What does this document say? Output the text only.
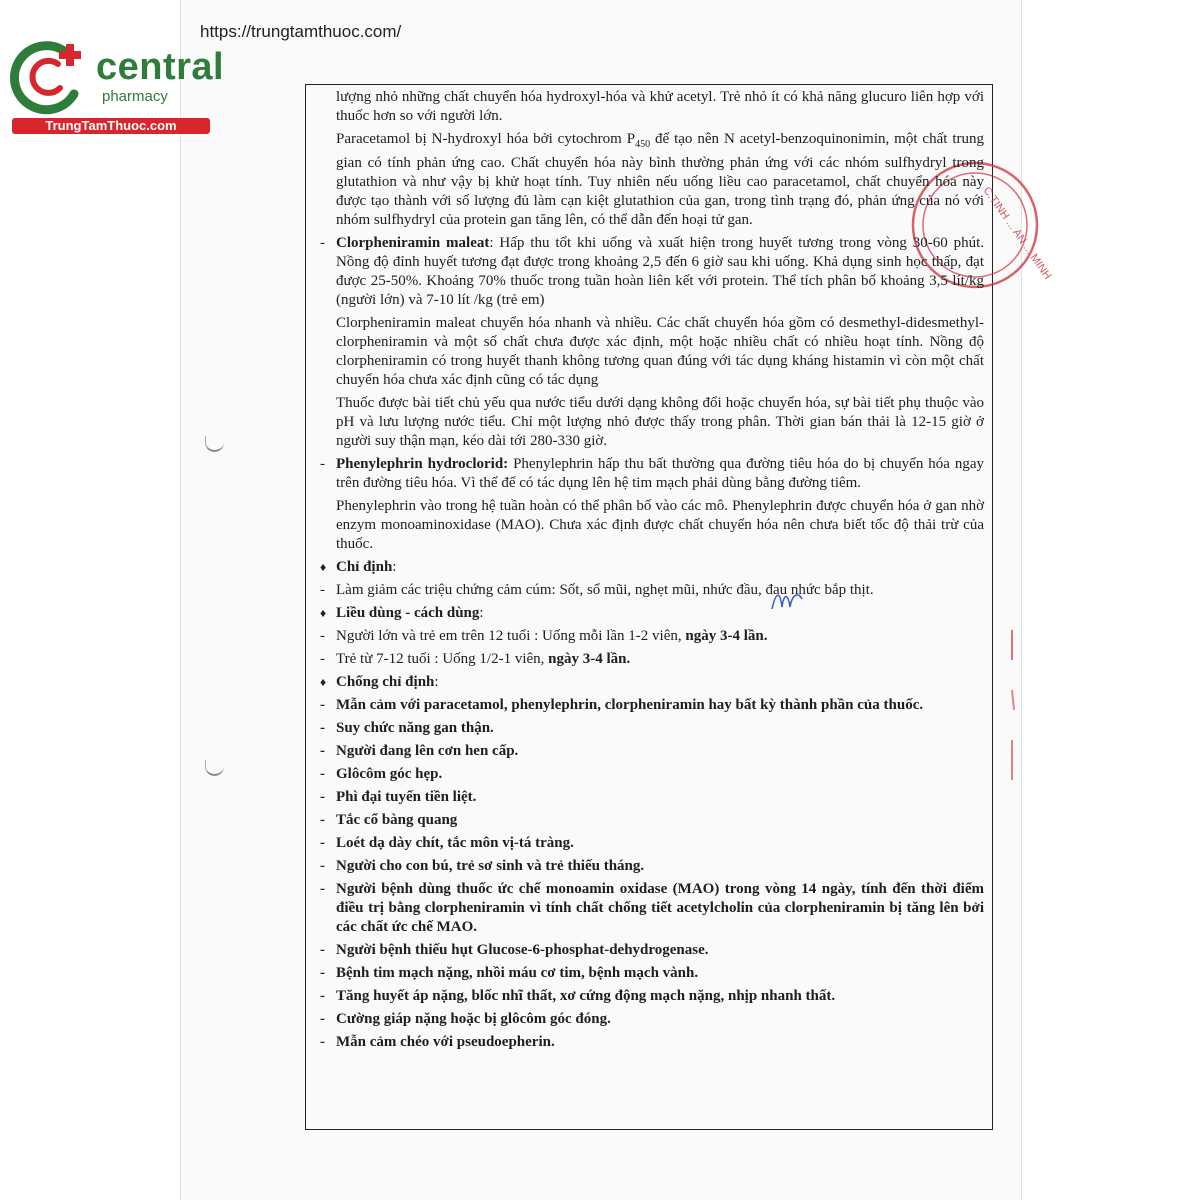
https://trungtamthuoc.com/
central
pharmacy
TrungTamThuoc.com
C.TINH ... AN ... MINH

lượng nhỏ những chất chuyển hóa hydroxyl-hóa và khử acetyl. Trẻ nhỏ ít có khả năng glucuro liên hợp với thuốc hơn so với người lớn.

Paracetamol bị N-hydroxyl hóa bởi cytochrom $P_{450}$ để tạo nên N acetyl-benzoquinonimin, một chất trung gian có tính phản ứng cao. Chất chuyển hóa này bình thường phản ứng với các nhóm sulfhydryl trong glutathion và như vậy bị khử hoạt tính. Tuy nhiên nếu uống liều cao paracetamol, chất chuyển hóa này được tạo thành với số lượng đủ làm cạn kiệt glutathion của gan, trong tình trạng đó, phản ứng của nó với nhóm sulfhydryl của protein gan tăng lên, có thể dẫn đến hoại tử gan.

- Clorpheniramin maleat: Hấp thu tốt khi uống và xuất hiện trong huyết tương trong vòng 30-60 phút. Nồng độ đỉnh huyết tương đạt được trong khoảng 2,5 đến 6 giờ sau khi uống. Khả dụng sinh học thấp, đạt được 25-50%. Khoảng 70% thuốc trong tuần hoàn liên kết với protein. Thể tích phân bố khoảng 3,5 lít/kg (người lớn) và 7-10 lít /kg (trẻ em)

Clorpheniramin maleat chuyển hóa nhanh và nhiều. Các chất chuyển hóa gồm có desmethyl-didesmethyl-clorpheniramin và một số chất chưa được xác định, một hoặc nhiều chất có nhiều hoạt tính. Nồng độ clorpheniramin có trong huyết thanh không tương quan đúng với tác dụng kháng histamin vì còn một chất chuyển hóa chưa xác định cũng có tác dụng

Thuốc được bài tiết chủ yếu qua nước tiểu dưới dạng không đổi hoặc chuyển hóa, sự bài tiết phụ thuộc vào pH và lưu lượng nước tiểu. Chỉ một lượng nhỏ được thấy trong phân. Thời gian bán thải là 12-15 giờ ở người suy thận mạn, kéo dài tới 280-330 giờ.

- Phenylephrin hydroclorid: Phenylephrin hấp thu bất thường qua đường tiêu hóa do bị chuyển hóa ngay trên đường tiêu hóa. Vì thế để có tác dụng lên hệ tim mạch phải dùng bằng đường tiêm.

Phenylephrin vào trong hệ tuần hoàn có thể phân bố vào các mô. Phenylephrin được chuyển hóa ở gan nhờ enzym monoaminoxidase (MAO). Chưa xác định được chất chuyển hóa nên chưa biết tốc độ thải trừ của thuốc.

♦ Chỉ định:
- Làm giảm các triệu chứng cảm cúm: Sốt, sổ mũi, nghẹt mũi, nhức đầu, đau nhức bắp thịt.
♦ Liều dùng - cách dùng:
- Người lớn và trẻ em trên 12 tuổi : Uống mỗi lần 1-2 viên, ngày 3-4 lần.
- Trẻ từ 7-12 tuổi : Uống 1/2-1 viên, ngày 3-4 lần.
♦ Chống chỉ định:
- Mẫn cảm với paracetamol, phenylephrin, clorpheniramin hay bất kỳ thành phần của thuốc.
- Suy chức năng gan thận.
- Người đang lên cơn hen cấp.
- Glôcôm góc hẹp.
- Phì đại tuyến tiền liệt.
- Tắc cổ bàng quang
- Loét dạ dày chít, tắc môn vị-tá tràng.
- Người cho con bú, trẻ sơ sinh và trẻ thiếu tháng.
- Người bệnh dùng thuốc ức chế monoamin oxidase (MAO) trong vòng 14 ngày, tính đến thời điểm điều trị bằng clorpheniramin vì tính chất chống tiết acetylcholin của clorpheniramin bị tăng lên bởi các chất ức chế MAO.
- Người bệnh thiếu hụt Glucose-6-phosphat-dehydrogenase.
- Bệnh tim mạch nặng, nhồi máu cơ tim, bệnh mạch vành.
- Tăng huyết áp nặng, blốc nhĩ thất, xơ cứng động mạch nặng, nhịp nhanh thất.
- Cường giáp nặng hoặc bị glôcôm góc đóng.
- Mẫn cảm chéo với pseudoepherin.
